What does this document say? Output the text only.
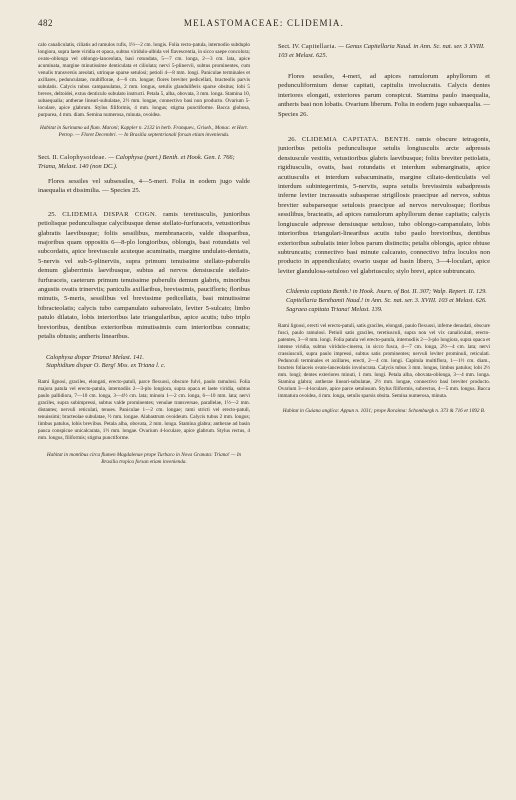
482	MELASTOMACEAE: CLIDEMIA.

calo canaliculatis, ciliatis ad ramulos rufis, 1½—2 cm. longis. Folia recto-patula, internodio subduplo longiora, supra laete viridia et opaca, subtus viridulo-albida vel flavescentia, in sicco saepe concolora; ovato-oblonga vel oblongo-lanceolata, basi rotundata, 5—7 cm. longa, 2—3 cm. lata, apice acuminata, margine minutissime denticulata et ciliolata; nervi 5-plinervii, subtus prominentes, cum venulis transversis areolati, utrinque sparse setulosi; petioli 4—8 mm. longi. Paniculae terminales et axillares, pedunculatae, multiflorae, 4—6 cm. longae; flores breviter pedicellati, bracteolis parvis subulatis. Calycis tubus campanulatus, 2 mm. longus, setulis glanduliferis sparse obsitus; lobi 5 breves, deltoidei, extus denticulo subulato instructi. Petala 5, alba, obovata, 3 mm. longa. Stamina 10, subaequalia; antherae lineari-subulatae, 2½ mm. longae, connectivo basi non producto. Ovarium 5-loculare, apice glabrum. Stylus filiformis, 4 mm. longus; stigma punctiforme. Bacca globosa, purpurea, 4 mm. diam. Semina numerosa, minuta, ovoidea.

Habitat in Surinamo ad flum. Maroni; Kappler n. 2132 in herb. Franquev., Griseb., Monac. et Hort. Petrop. — Floret Decembri. — In Brasilia septentrionali forsan etiam invenienda.

Sect. II. Calophysoideae. — Calophysa (part.) Benth. et Hook. Gen. I. 766; Triana, Melast. 140 (non DC.).

Flores sessiles vel subsessiles, 4—5-meri. Folia in eodem jugo valde inaequalia et dissimilia. — Species 25.

25. CLIDEMIA DISPAR COGN. ramis teretiusculis, junioribus petiolisque pedunculisque calycibusque dense stellato-furfuraceis, vetustioribus glabratis laevibusque; foliis sessilibus, membranaceis, valde dissparibus, majoribus quam oppositis 6—8-plo longioribus, oblongis, basi rotundatis vel subcordatis, apice breviuscule acuteque acuminatis, margine undulato-dentatis, 5-nervis vel sub-5-plinerviis, supra primum tenuissime stellato-puberulis demum glaberrimis laevibusque, subtus ad nervos densiuscule stellato-furfuraceis, caeterum primum tenuissime puberulis demum glabris, minoribus angustis ovatis trinerviis; paniculis axillaribus, brevissimis, paucifloris; floribus minutis, 5-meris, sessilibus vel brevissime pedicellatis, basi minutissime bibracteolatis; calycis tubo campanulato subareolato, leviter 5-sulcato; limbo patulo dilatato, lobis interioribus late triangularibus, apice acutis; tubo triplo brevioribus, dentibus exterioribus minutissimis cum interioribus connatis; petalis obtusis; antheris linearibus.

Calophysa dispar Triana! Melast. 141.

Staphidium dispar O. Berg! Mss. ex Triana l. c.

Rami lignosi, graciles, elongati, erecto-patuli, parce flexuosi, obscure fulvi, paulo ramulosi. Folia majora patula vel erecto-patula, internodiis 2—3-plo longiora, supra opaca et laete viridia, subtus paulo pallidiora, 7—10 cm. longa, 3—4½ cm. lata; minora 1—2 cm. longa, 6—10 mm. lata; nervi graciles, supra subimpressi, subtus valde prominentes; venulae transversae, parallelae, 1½—2 mm. distantes; nervuli reticulati, tenues. Paniculae 1—2 cm. longae; rami stricti vel erecto-patuli, tenuissimi; bracteolae subulatae, ½ mm. longae. Alabastrum ovoideum. Calycis tubus 2 mm. longus; limbus patulus, lobis brevibus. Petala alba, obovata, 2 mm. longa. Stamina glabra; antherae ad basin pauca conspicue unicalcarata, 1½ mm. longae. Ovarium 4-loculare, apice glabrum. Stylus rectus, 4 mm. longus, filiformis; stigma punctiforme.

Habitat in montibus circa flumen Magdalenae prope Turbaco in Nova Granata: Triana! — In Brasilia tropica forsan etiam invenienda.

Sect. IV. Capitellaria. — Genus Capitellaria Naud. in Ann. Sc. nat. ser. 3 XVIII. 103 et Melast. 625.

Flores sessiles, 4-meri, ad apices ramulorum aphyllorum et pedunculiformium dense capitati, capitulis involucratis. Calycis dentes interiores elongati, exteriores parum conspicui. Stamina paulo inaequalia, antheris basi non lobatis. Ovarium liberum. Folia in eodem jugo subaequalia. — Species 26.

26. CLIDEMIA CAPITATA. BENTH. ramis obscure tetragonis, junioribus petiolis pedunculisque setulis longiusculis arcte adpressis densiuscule vestitis, vetustioribus glabris laevibusque; foliis breviter petiolatis, rigidiusculis, ovatis, basi rotundatis et interdum submarginatis, apice acutiusculis et interdum subacuminatis, margine ciliato-denticulatis vel interdum subintegerrimis, 5-nerviis, supra setulis brevissimis subadpressis inferne leviter incrassatis subasperae strigillosis praecipue ad nervos, subtus breviter subsparseque setulosis praecipue ad nervos nervulosque; floribus sessilibus, bracteatis, ad apices ramulorum aphyllorum dense capitatis; calycis longiuscule adpresse densiusque setuloso, tubo oblongo-campanulato, lobis interioribus triangulari-linearibus acutis tubo paulo brevioribus, dentibus exterioribus subulatis inter lobos parum distinctis; petalis oblongis, apice obtuse subtruncatis; connectivo basi minute calcarato, connectivo infra loculos non producto in appendiculato; ovario usque ad basin libero, 3—4-loculari, apice leviter glandulosa-setuloso vel glabriusculo; stylo brevi, apice subtruncato.

Clidemia capitata Benth.! in Hook. Journ. of Bot. II. 307; Walp. Repert. II. 129.

Capitellaria Benthamii Naud.! in Ann. Sc. nat. ser. 3. XVIII. 103 et Melast. 626.

Sagraea capitata Triana! Melast. 139.

Rami lignosi, erecti vel erecto-patuli, satis graciles, elongati, paulo flexuosi, inferne denudati, obscure fusci, paulo ramulosi. Petioli satis graciles, teretiusculi, supra non vel vix canaliculati, erecto-patentes, 3—8 mm. longi. Folia patula vel erecto-patula, internodiis 2—3-plo longiora, supra opaca et intense viridia, subtus viridulo-cinerea, in sicco fusca, 4—7 cm. longa, 2½—4 cm. lata; nervi crassiusculi, supra paulo impressi, subtus satis prominentes; nervuli leviter prominuli, reticulati. Pedunculi terminales et axillares, erecti, 2—4 cm. longi. Capitula multiflora, 1—1½ cm. diam., bracteis foliaceis ovato-lanceolatis involucrata. Calycis tubus 3 mm. longus, limbus patulus; lobi 2½ mm. longi; dentes exteriores minuti, 1 mm. longi. Petala alba, obovata-oblonga, 3—4 mm. longa. Stamina glabra; antherae lineari-subulatae, 2½ mm. longae, connectivo basi breviter producto. Ovarium 3—4-loculare, apice parce setulosum. Stylus filiformis, subrectus, 4—5 mm. longus. Bacca immatura ovoidea, 4 mm. longa, setulis sparsis obsita. Semina numerosa, minuta.

Habitat in Guiana anglica: Appun n. 1031; prope Roraima: Schomburgk n. 373 & 716 et 1092 B.
